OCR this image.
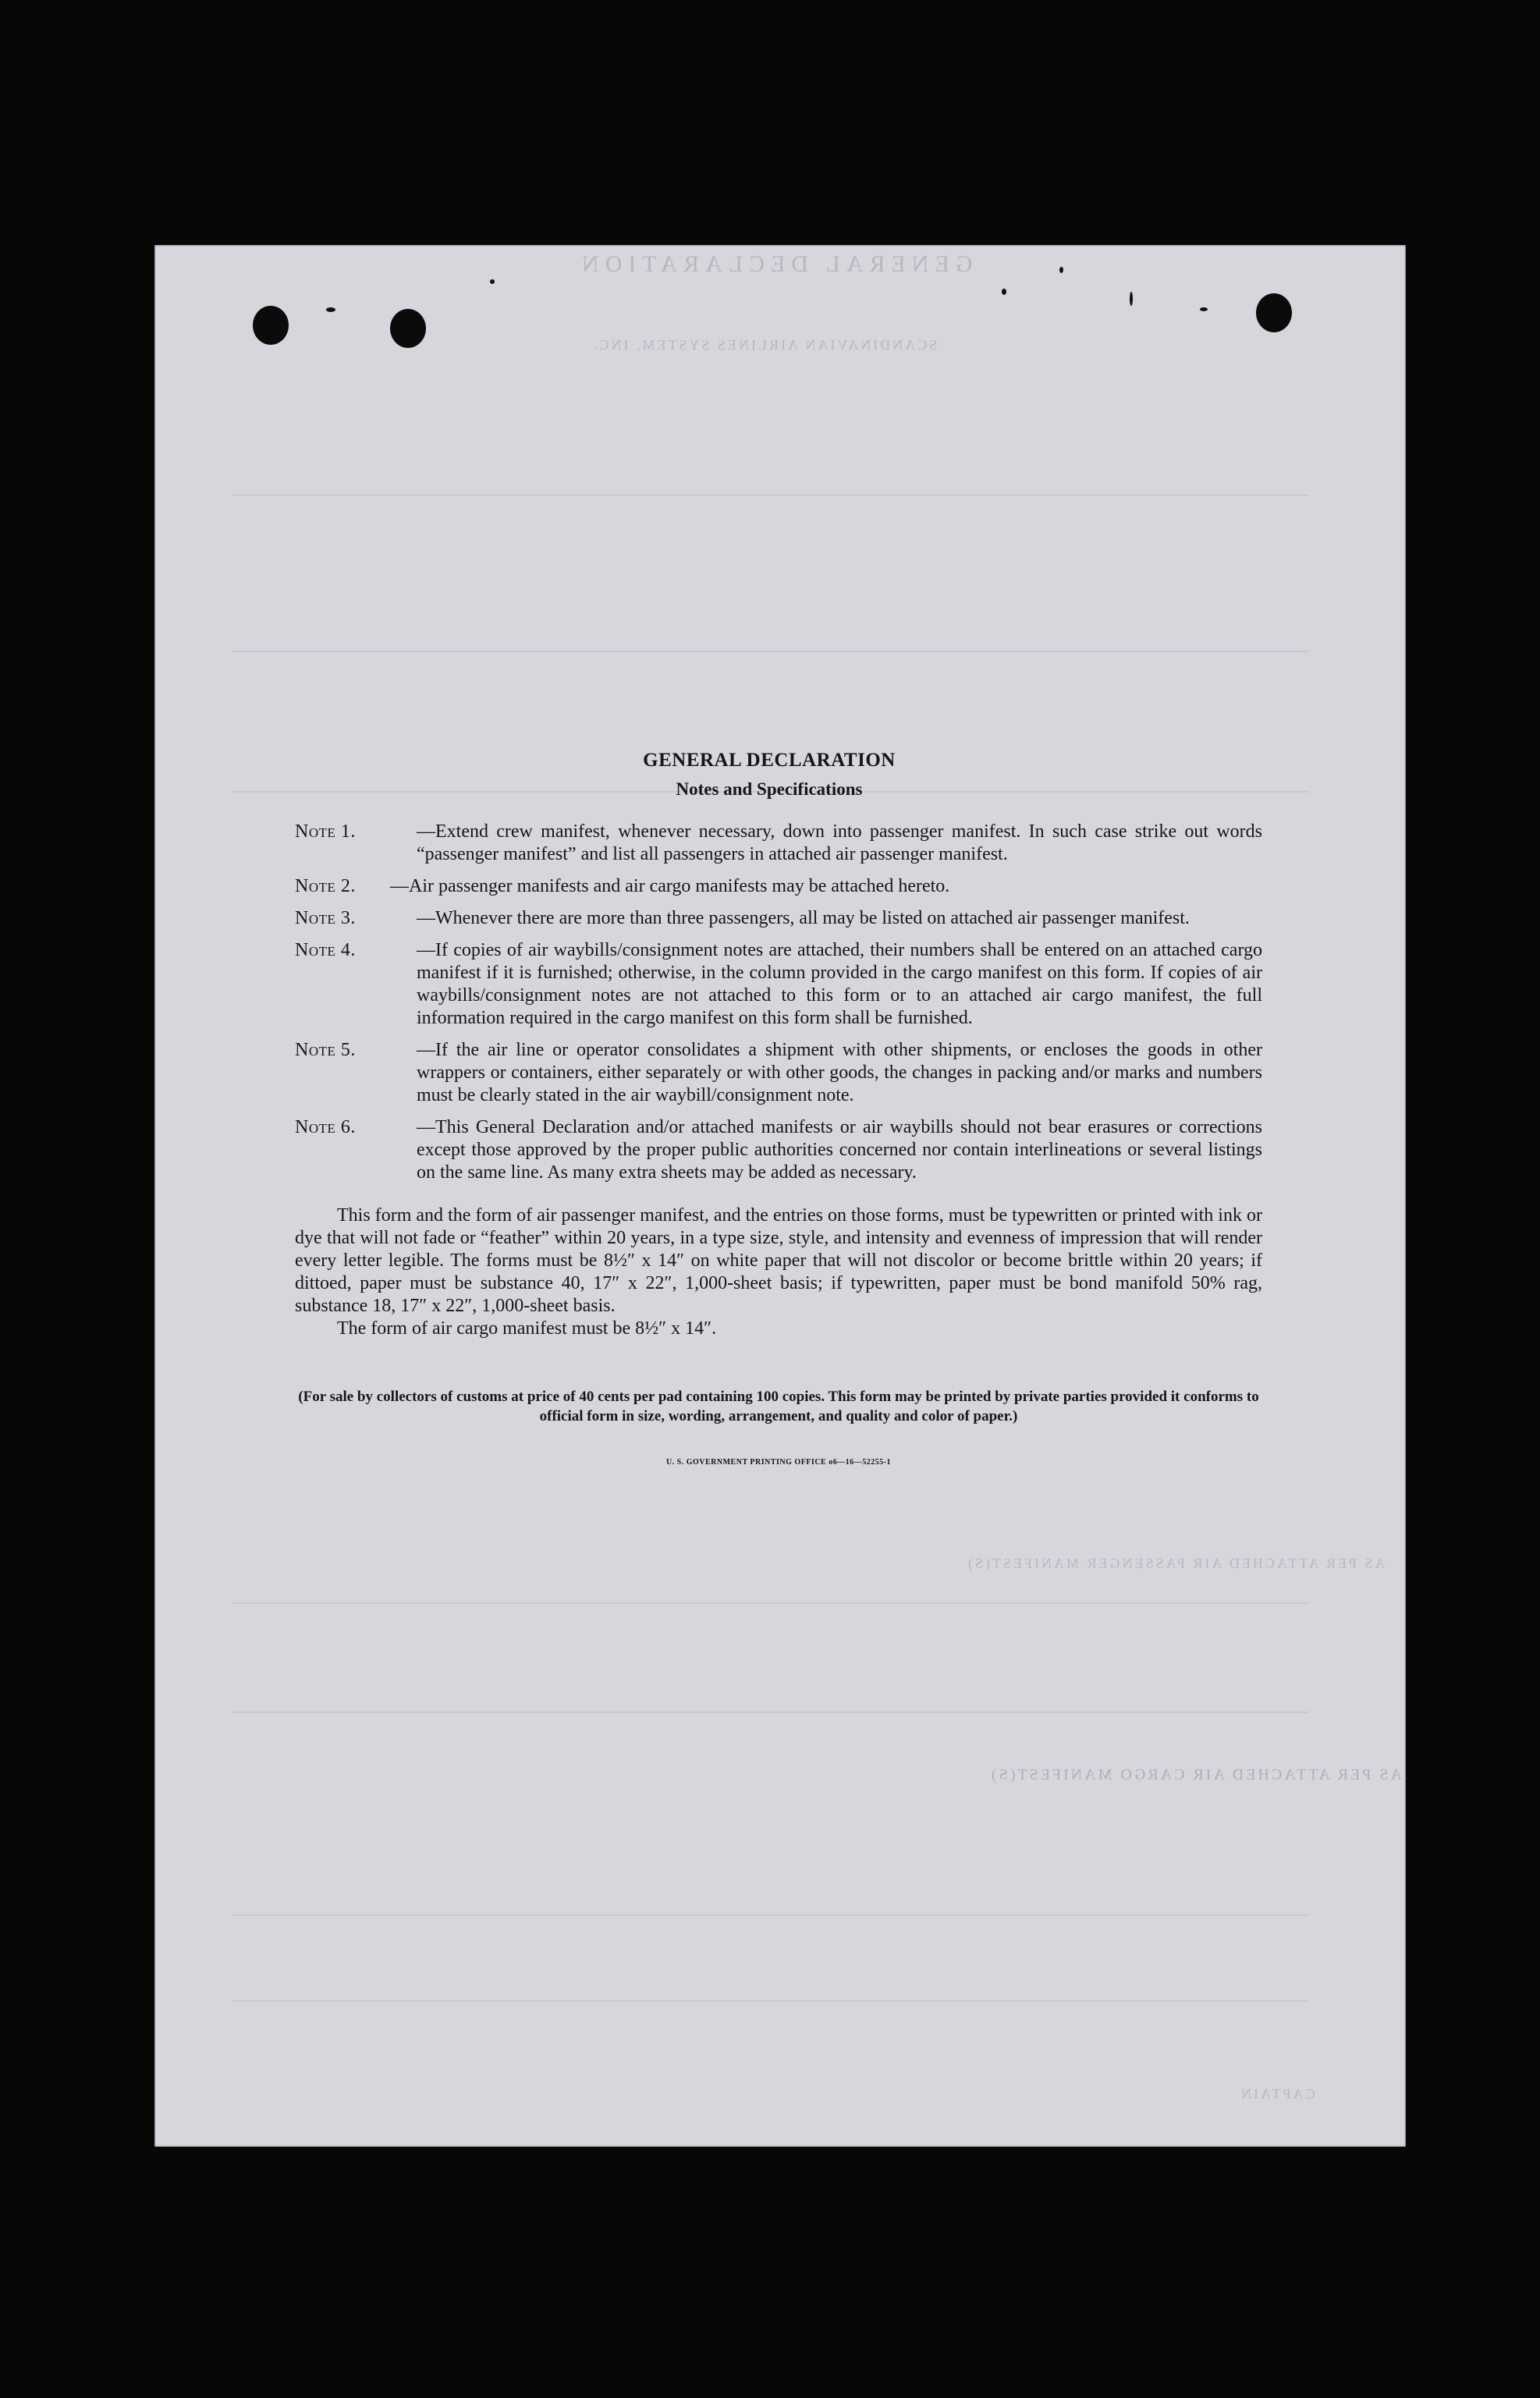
GENERAL DECLARATION
SCANDINAVIAN AIRLINES SYSTEM, INC.
AS PER ATTACHED AIR PASSENGER MANIFEST(S)
AS PER ATTACHED AIR CARGO MANIFEST(S)
CAPTAIN
GENERAL DECLARATION
Notes and Specifications
Note 1.	—Extend crew manifest, whenever necessary, down into passenger manifest. In such case strike out words “passenger manifest” and list all passengers in attached air passenger manifest.
Note 2. —Air passenger manifests and air cargo manifests may be attached hereto.
Note 3.	—Whenever there are more than three passengers, all may be listed on attached air passenger manifest.
Note 4.	—If copies of air waybills/consignment notes are attached, their numbers shall be entered on an attached cargo manifest if it is furnished; otherwise, in the column provided in the cargo manifest on this form. If copies of air waybills/consignment notes are not attached to this form or to an attached air cargo manifest, the full information required in the cargo manifest on this form shall be furnished.
Note 5.	—If the air line or operator consolidates a shipment with other shipments, or encloses the goods in other wrappers or containers, either separately or with other goods, the changes in packing and/or marks and numbers must be clearly stated in the air waybill/consignment note.
Note 6.	—This General Declaration and/or attached manifests or air waybills should not bear erasures or corrections except those approved by the proper public authorities concerned nor contain interlineations or several listings on the same line. As many extra sheets may be added as necessary.
This form and the form of air passenger manifest, and the entries on those forms, must be typewritten or printed with ink or dye that will not fade or “feather” within 20 years, in a type size, style, and intensity and evenness of impression that will render every letter legible. The forms must be 8½″ x 14″ on white paper that will not discolor or become brittle within 20 years; if dittoed, paper must be substance 40, 17″ x 22″, 1,000-sheet basis; if typewritten, paper must be bond manifold 50% rag, substance 18, 17″ x 22″, 1,000-sheet basis.
The form of air cargo manifest must be 8½″ x 14″.
(For sale by collectors of customs at price of 40 cents per pad containing 100 copies. This form may be printed by private parties provided it conforms to official form in size, wording, arrangement, and quality and color of paper.)
U. S. GOVERNMENT PRINTING OFFICE o6—16—52255-1
